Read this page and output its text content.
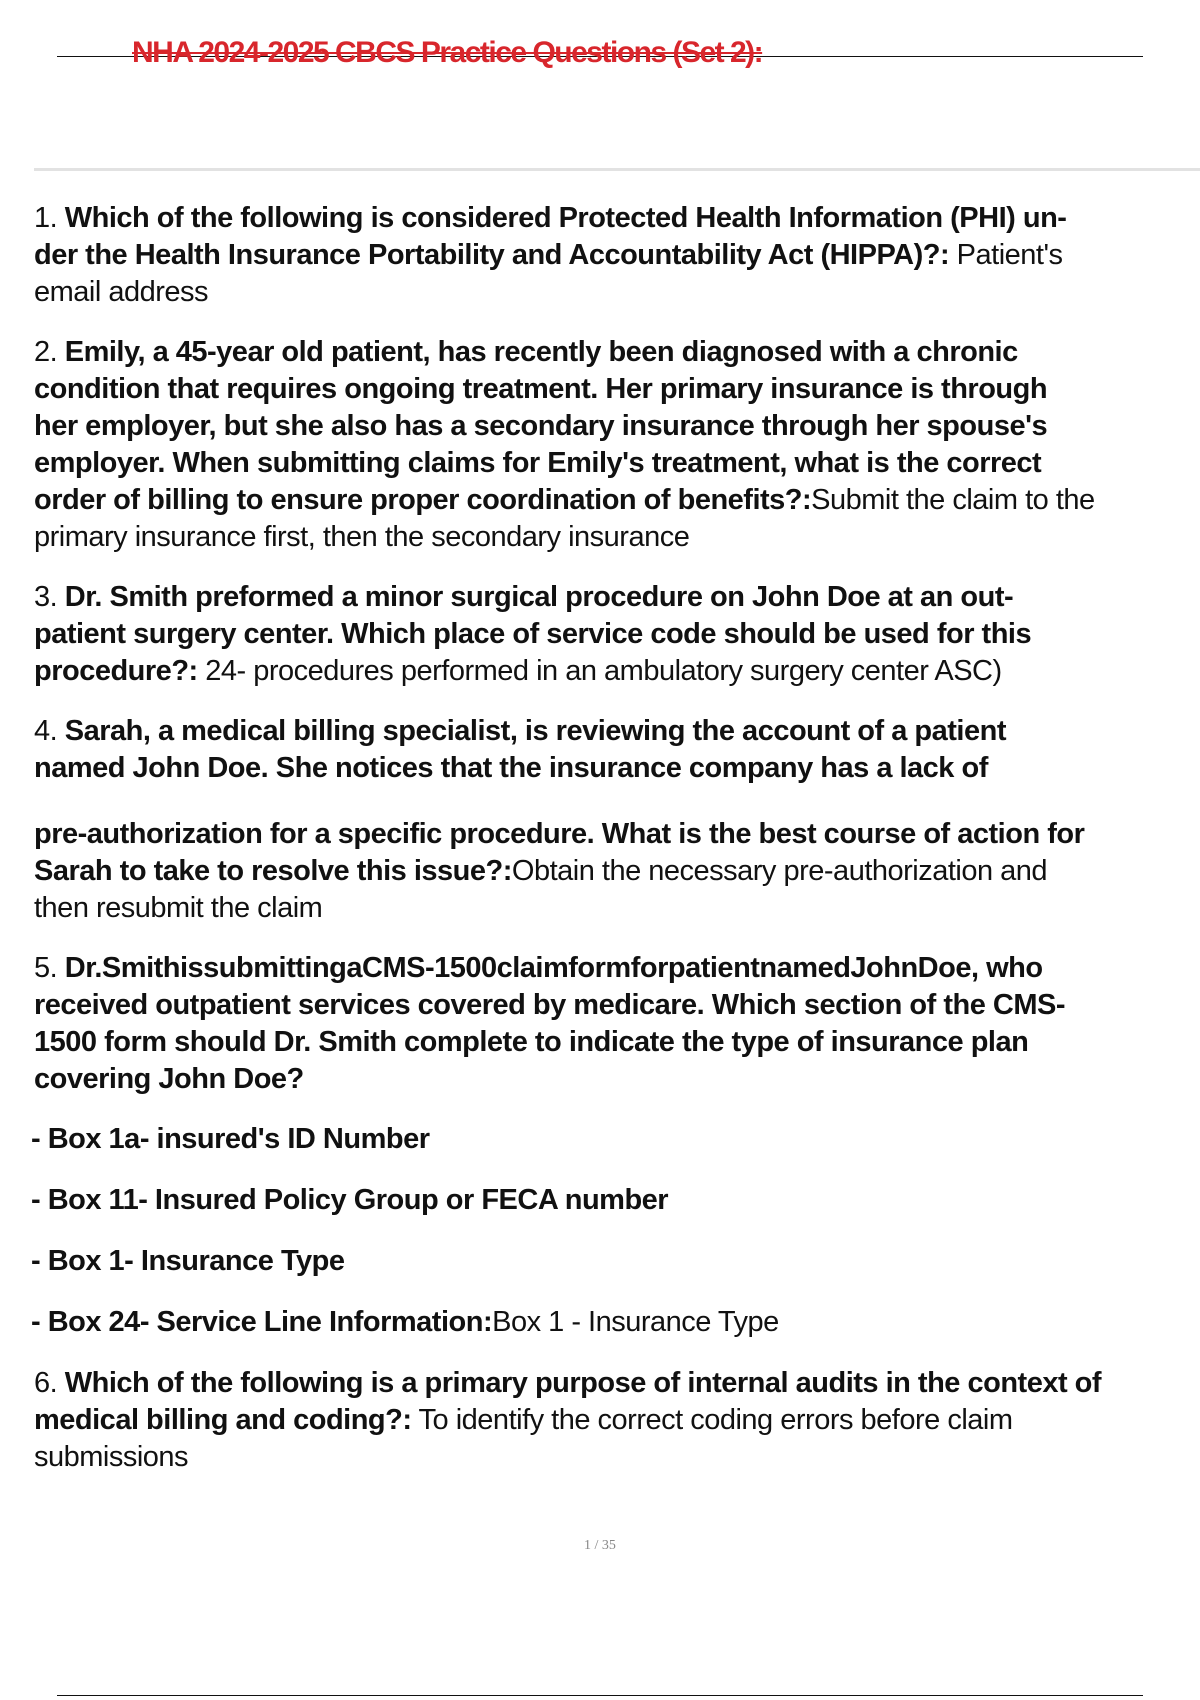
NHA 2024-2025 CBCS Practice Questions (Set 2):
1. Which of the following is considered Protected Health Information (PHI) un-
der the Health Insurance Portability and Accountability Act (HIPPA)?: Patient's
email address
2. Emily, a 45-year old patient, has recently been diagnosed with a chronic
condition that requires ongoing treatment. Her primary insurance is through
her employer, but she also has a secondary insurance through her spouse's
employer. When submitting claims for Emily's treatment, what is the correct
order of billing to ensure proper coordination of benefits?:Submit the claim to the
primary insurance first, then the secondary insurance
3. Dr. Smith preformed a minor surgical procedure on John Doe at an out-
patient surgery center. Which place of service code should be used for this
procedure?: 24- procedures performed in an ambulatory surgery center ASC)
4. Sarah, a medical billing specialist, is reviewing the account of a patient
named John Doe. She notices that the insurance company has a lack of
pre-authorization for a specific procedure. What is the best course of action for
Sarah to take to resolve this issue?:Obtain the necessary pre-authorization and
then resubmit the claim
5. Dr.SmithissubmittingaCMS-1500claimformforpatientnamedJohnDoe, who
received outpatient services covered by medicare. Which section of the CMS-
1500 form should Dr. Smith complete to indicate the type of insurance plan
covering John Doe?
- Box 1a- insured's ID Number
- Box 11- Insured Policy Group or FECA number
- Box 1- Insurance Type
- Box 24- Service Line Information:Box 1 - Insurance Type
6. Which of the following is a primary purpose of internal audits in the context of
medical billing and coding?: To identify the correct coding errors before claim
submissions
1 / 35
